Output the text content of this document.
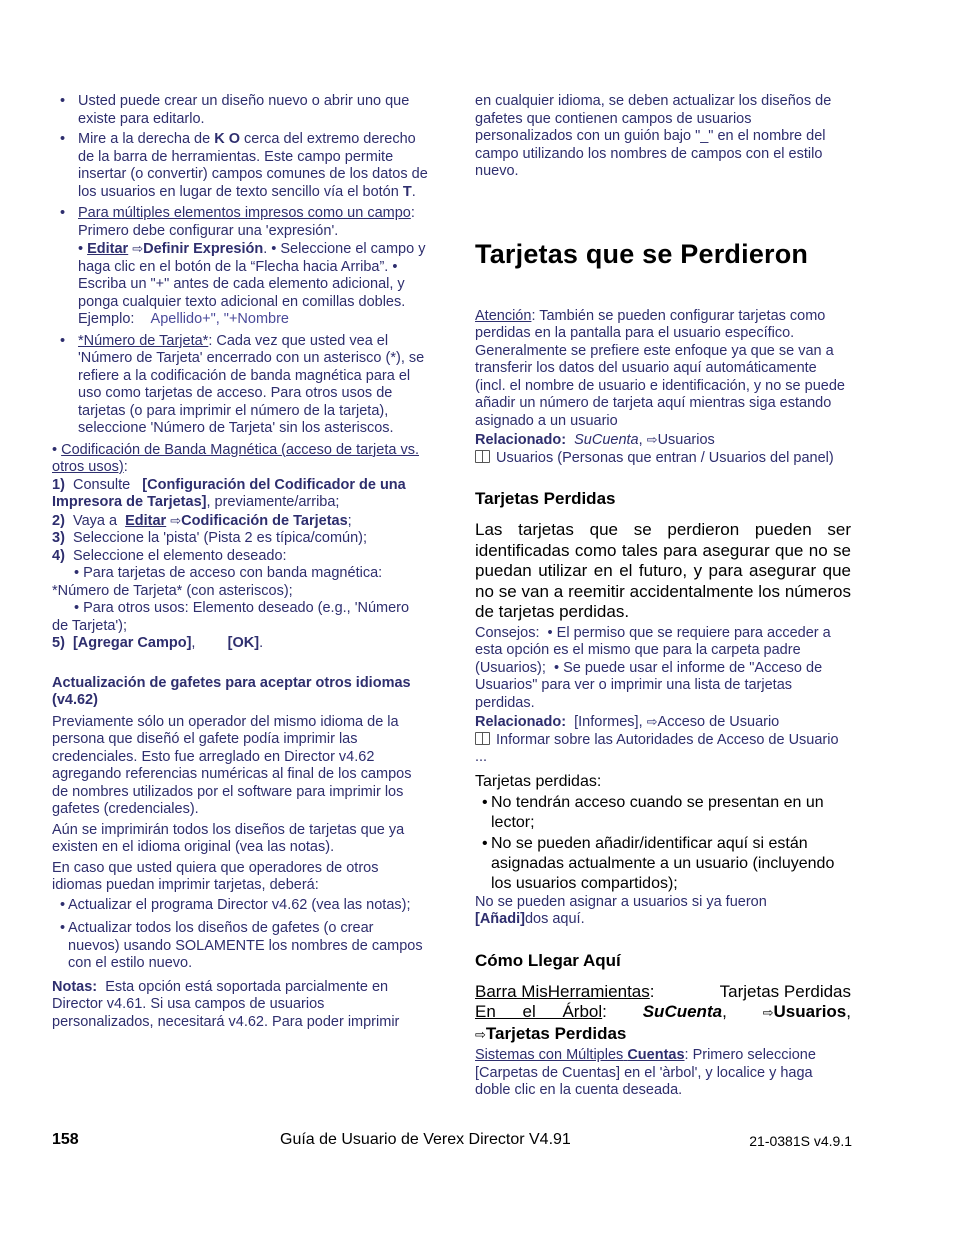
• Usted puede crear un diseño nuevo o abrir uno que existe para editarlo.
• Mire a la derecha de K O cerca del extremo derecho de la barra de herramientas. Este campo permite insertar (o convertir) campos comunes de los datos de los usuarios en lugar de texto sencillo vía el botón T.
• Para múltiples elementos impresos como un campo: Primero debe configurar una 'expresión'.
• Editar ⇨Definir Expresión. • Seleccione el campo y haga clic en el botón de la “Flecha hacia Arriba”. • Escriba un "+" antes de cada elemento adicional, y ponga cualquier texto adicional en comillas dobles.
Ejemplo: Apellido+", "+Nombre
• *Número de Tarjeta*: Cada vez que usted vea el 'Número de Tarjeta' encerrado con un asterisco (*), se refiere a la codificación de banda magnética para el uso como tarjetas de acceso. Para otros usos de tarjetas (o para imprimir el número de la tarjeta), seleccione 'Número de Tarjeta' sin los asteriscos.
• Codificación de Banda Magnética (acceso de tarjeta vs. otros usos):
1) Consulte [Configuración del Codificador de una Impresora de Tarjetas], previamente/arriba;
2) Vaya a Editar ⇨Codificación de Tarjetas;
3) Seleccione la 'pista' (Pista 2 es típica/común);
4) Seleccione el elemento deseado:
• Para tarjetas de acceso con banda magnética: *Número de Tarjeta* (con asteriscos);
• Para otros usos: Elemento deseado (e.g., 'Número de Tarjeta');
5) [Agregar Campo], [OK].
Actualización de gafetes para aceptar otros idiomas (v4.62)
Previamente sólo un operador del mismo idioma de la persona que diseñó el gafete podía imprimir las credenciales. Esto fue arreglado en Director v4.62 agregando referencias numéricas al final de los campos de nombres utilizados por el software para imprimir los gafetes (credenciales).
Aún se imprimirán todos los diseños de tarjetas que ya existen en el idioma original (vea las notas).
En caso que usted quiera que operadores de otros idiomas puedan imprimir tarjetas, deberá:
• Actualizar el programa Director v4.62 (vea las notas);
• Actualizar todos los diseños de gafetes (o crear nuevos) usando SOLAMENTE los nombres de campos con el estilo nuevo.
Notas: Esta opción está soportada parcialmente en Director v4.61. Si usa campos de usuarios personalizados, necesitará v4.62. Para poder imprimir
en cualquier idioma, se deben actualizar los diseños de gafetes que contienen campos de usuarios personalizados con un guión bajo "_" en el nombre del campo utilizando los nombres de campos con el estilo nuevo.
Tarjetas que se Perdieron
Atención: También se pueden configurar tarjetas como perdidas en la pantalla para el usuario específico. Generalmente se prefiere este enfoque ya que se van a transferir los datos del usuario aquí automáticamente (incl. el nombre de usuario e identificación, y no se puede añadir un número de tarjeta aquí mientras siga estando asignado a un usuario
Relacionado: SuCuenta, ⇨Usuarios
Usuarios (Personas que entran / Usuarios del panel)
Tarjetas Perdidas
Las tarjetas que se perdieron pueden ser identificadas como tales para asegurar que no se puedan utilizar en el futuro, y para asegurar que no se van a reemitir accidentalmente los números de tarjetas perdidas.
Consejos: • El permiso que se requiere para acceder a esta opción es el mismo que para la carpeta padre (Usuarios); • Se puede usar el informe de "Acceso de Usuarios" para ver o imprimir una lista de tarjetas perdidas.
Relacionado: [Informes], ⇨Acceso de Usuario
Informar sobre las Autoridades de Acceso de Usuario ...
Tarjetas perdidas:
• No tendrán acceso cuando se presentan en un lector;
• No se pueden añadir/identificar aquí si están asignadas actualmente a un usuario (incluyendo los usuarios compartidos);
No se pueden asignar a usuarios si ya fueron
[Añadi]dos aquí.
Cómo Llegar Aquí
Barra MisHerramientas:	Tarjetas Perdidas
En el Árbol: SuCuenta,	⇨Usuarios,
⇨Tarjetas Perdidas
Sistemas con Múltiples Cuentas: Primero seleccione [Carpetas de Cuentas] en el 'àrbol', y localice y haga doble clic en la cuenta deseada.
158	Guía de Usuario de Verex Director V4.91	21-0381S v4.9.1
